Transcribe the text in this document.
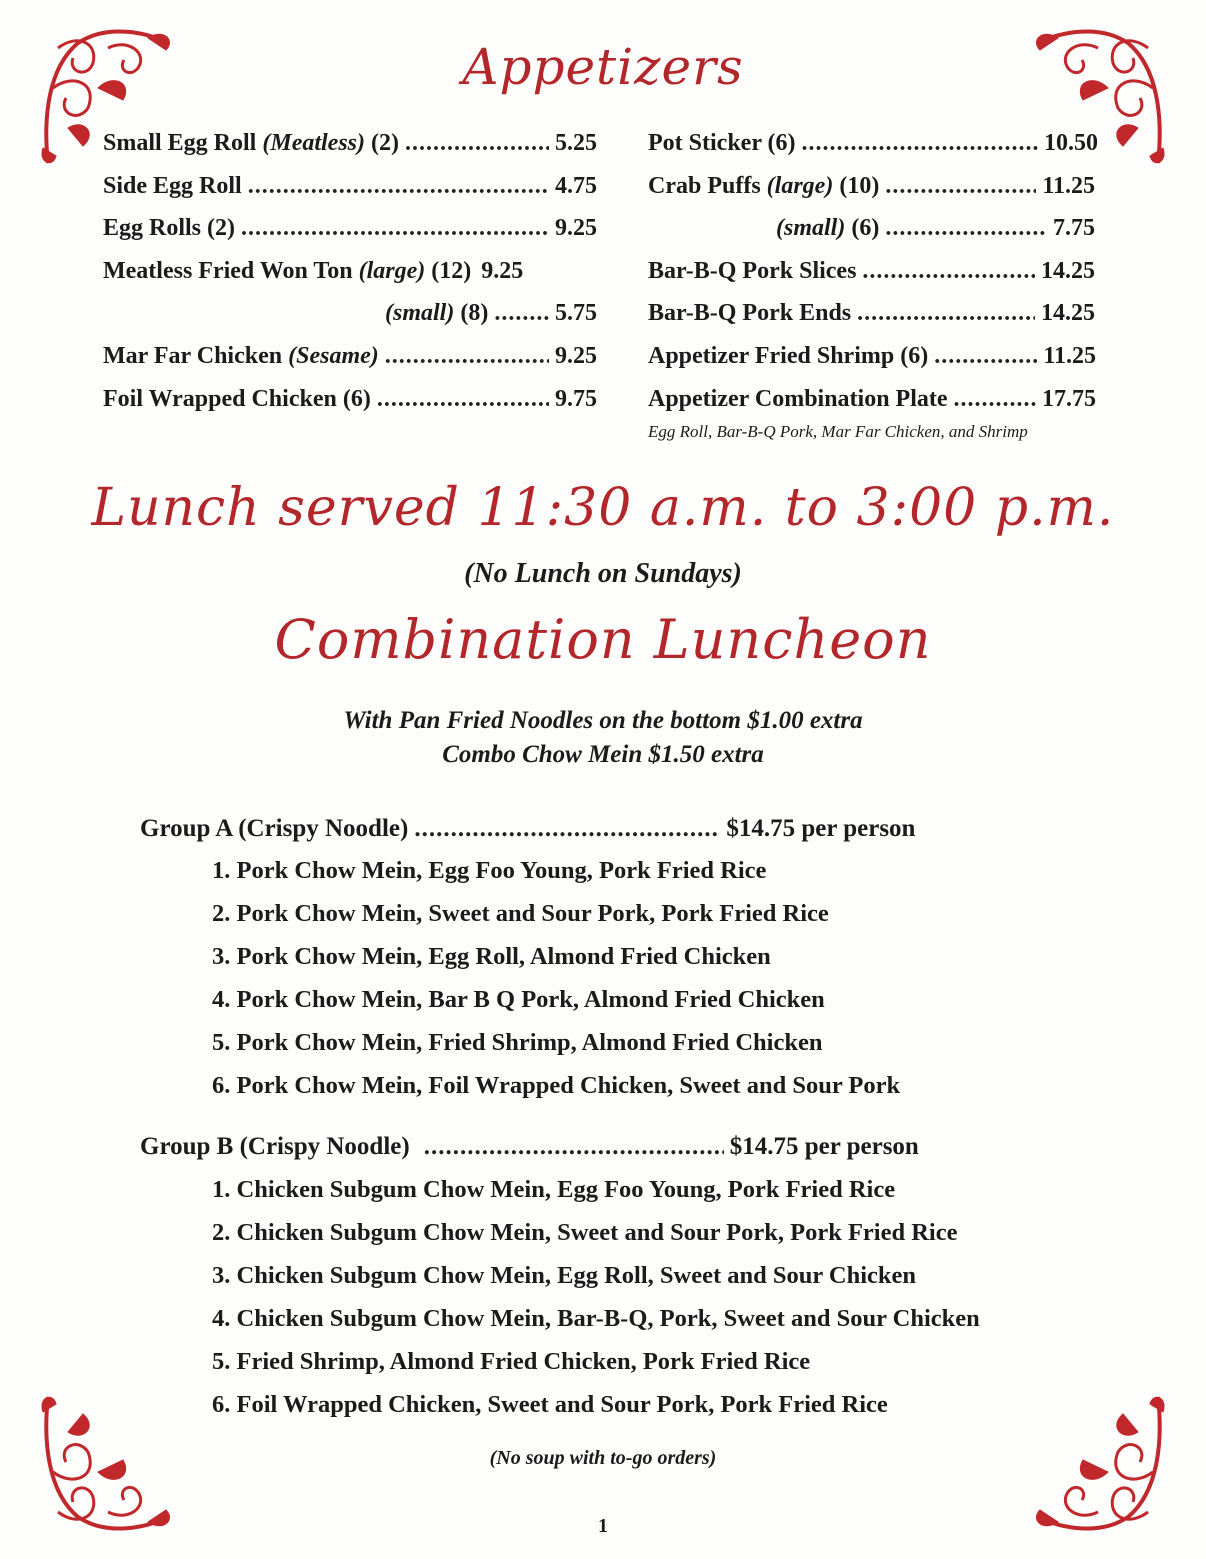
Appetizers
Small Egg Roll (Meatless) (2) .....	5.25
Side Egg Roll .....	4.75
Egg Rolls (2) .....	9.25
Meatless Fried Won Ton (large) (12) 9.25
(small) (8) .....	5.75
Mar Far Chicken (Sesame) .....	9.25
Foil Wrapped Chicken (6) .....	9.75
Pot Sticker (6) .....	10.50
Crab Puffs (large) (10) .....	11.25
(small) (6) .....	7.75
Bar-B-Q Pork Slices .....	14.25
Bar-B-Q Pork Ends .....	14.25
Appetizer Fried Shrimp (6) .....	11.25
Appetizer Combination Plate .....	17.75
Egg Roll, Bar-B-Q Pork, Mar Far Chicken, and Shrimp
Lunch served 11:30 a.m. to 3:00 p.m.
(No Lunch on Sundays)
Combination Luncheon
With Pan Fried Noodles on the bottom $1.00 extra
Combo Chow Mein $1.50 extra
Group A (Crispy Noodle) .....	$14.75 per person
1. Pork Chow Mein, Egg Foo Young, Pork Fried Rice
2. Pork Chow Mein, Sweet and Sour Pork, Pork Fried Rice
3. Pork Chow Mein, Egg Roll, Almond Fried Chicken
4. Pork Chow Mein, Bar B Q Pork, Almond Fried Chicken
5. Pork Chow Mein, Fried Shrimp, Almond Fried Chicken
6. Pork Chow Mein, Foil Wrapped Chicken, Sweet and Sour Pork
Group B (Crispy Noodle) .....	$14.75 per person
1. Chicken Subgum Chow Mein, Egg Foo Young, Pork Fried Rice
2. Chicken Subgum Chow Mein, Sweet and Sour Pork, Pork Fried Rice
3. Chicken Subgum Chow Mein, Egg Roll, Sweet and Sour Chicken
4. Chicken Subgum Chow Mein, Bar-B-Q, Pork, Sweet and Sour Chicken
5. Fried Shrimp, Almond Fried Chicken, Pork Fried Rice
6. Foil Wrapped Chicken, Sweet and Sour Pork, Pork Fried Rice
(No soup with to-go orders)
1
